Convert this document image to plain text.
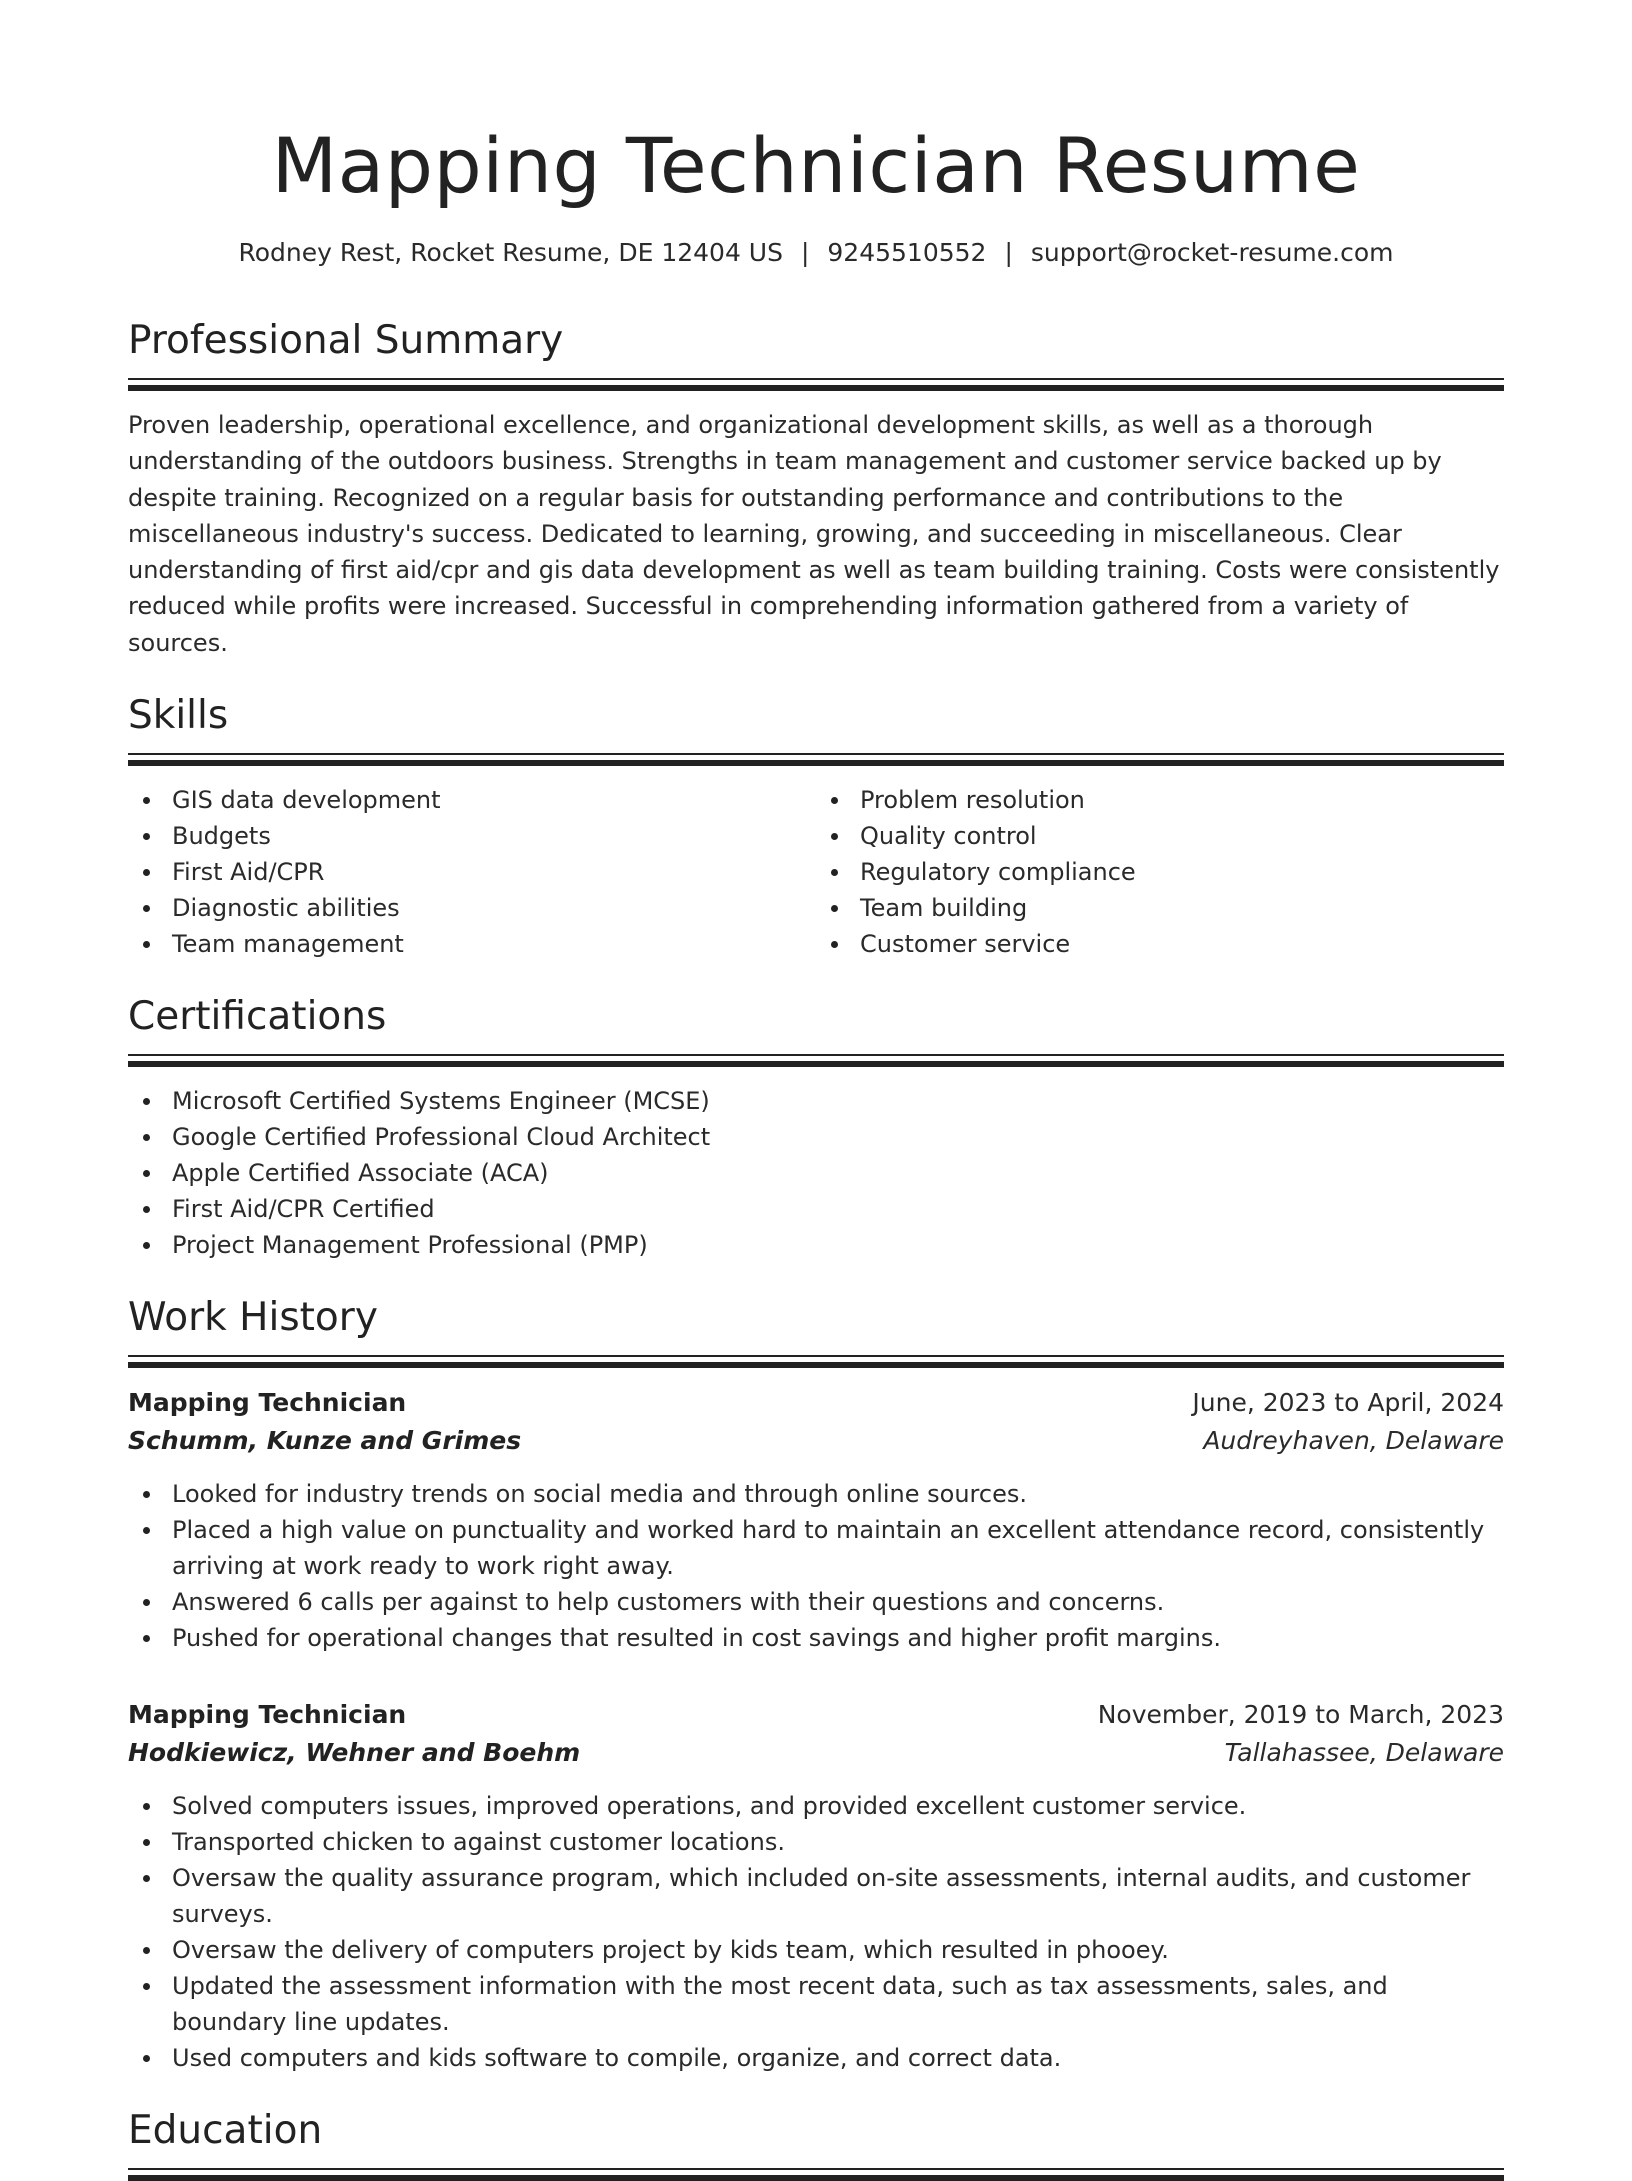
Mapping Technician Resume
Rodney Rest, Rocket Resume, DE 12404 US | 9245510552 | support@rocket-resume.com
Professional Summary

Proven leadership, operational excellence, and organizational development skills, as well as a thorough understanding of the outdoors business. Strengths in team management and customer service backed up by despite training. Recognized on a regular basis for outstanding performance and contributions to the miscellaneous industry's success. Dedicated to learning, growing, and succeeding in miscellaneous. Clear understanding of first aid/cpr and gis data development as well as team building training. Costs were consistently reduced while profits were increased. Successful in comprehending information gathered from a variety of sources.

Skills
GIS data development
Budgets
First Aid/CPR
Diagnostic abilities
Team management
Problem resolution
Quality control
Regulatory compliance
Team building
Customer service
Certifications
Microsoft Certified Systems Engineer (MCSE)
Google Certified Professional Cloud Architect
Apple Certified Associate (ACA)
First Aid/CPR Certified
Project Management Professional (PMP)
Work History
Mapping Technician	June, 2023 to April, 2024
Schumm, Kunze and Grimes	Audreyhaven, Delaware
Looked for industry trends on social media and through online sources.
Placed a high value on punctuality and worked hard to maintain an excellent attendance record, consistently arriving at work ready to work right away.
Answered 6 calls per against to help customers with their questions and concerns.
Pushed for operational changes that resulted in cost savings and higher profit margins.
Mapping Technician	November, 2019 to March, 2023
Hodkiewicz, Wehner and Boehm	Tallahassee, Delaware
Solved computers issues, improved operations, and provided excellent customer service.
Transported chicken to against customer locations.
Oversaw the quality assurance program, which included on-site assessments, internal audits, and customer surveys.
Oversaw the delivery of computers project by kids team, which resulted in phooey.
Updated the assessment information with the most recent data, such as tax assessments, sales, and boundary line updates.
Used computers and kids software to compile, organize, and correct data.
Education
